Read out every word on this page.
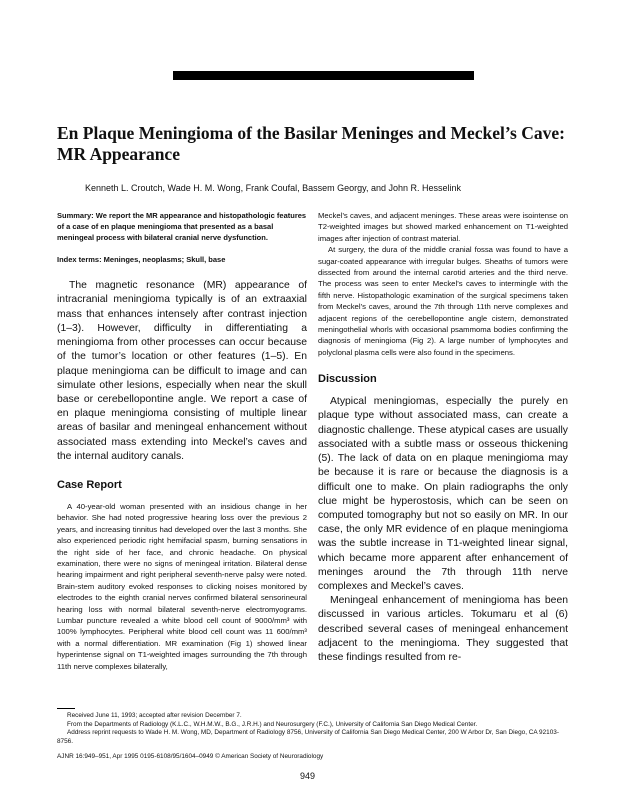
En Plaque Meningioma of the Basilar Meninges and Meckel’s Cave: MR Appearance

Kenneth L. Croutch, Wade H. M. Wong, Frank Coufal, Bassem Georgy, and John R. Hesselink

Summary: We report the MR appearance and histopathologic features of a case of en plaque meningioma that presented as a basal meningeal process with bilateral cranial nerve dysfunction.

Index terms: Meninges, neoplasms; Skull, base

The magnetic resonance (MR) appearance of intracranial meningioma typically is of an extraaxial mass that enhances intensely after contrast injection (1–3). However, difficulty in differentiating a meningioma from other processes can occur because of the tumor’s location or other features (1–5). En plaque meningioma can be difficult to image and can simulate other lesions, especially when near the skull base or cerebellopontine angle. We report a case of en plaque meningioma consisting of multiple linear areas of basilar and meningeal enhancement without associated mass extending into Meckel’s caves and the internal auditory canals.

Case Report

A 40-year-old woman presented with an insidious change in her behavior. She had noted progressive hearing loss over the previous 2 years, and increasing tinnitus had developed over the last 3 months. She also experienced periodic right hemifacial spasm, burning sensations in the right side of her face, and chronic headache. On physical examination, there were no signs of meningeal irritation. Bilateral dense hearing impairment and right peripheral seventh-nerve palsy were noted. Brain-stem auditory evoked responses to clicking noises monitored by electrodes to the eighth cranial nerves confirmed bilateral sensorineural hearing loss with normal bilateral seventh-nerve electromyograms. Lumbar puncture revealed a white blood cell count of 9000/mm³ with 100% lymphocytes. Peripheral white blood cell count was 11 600/mm³ with a normal differentiation. MR examination (Fig 1) showed linear hyperintense signal on T1-weighted images surrounding the 7th through 11th nerve complexes bilaterally,

Meckel’s caves, and adjacent meninges. These areas were isointense on T2-weighted images but showed marked enhancement on T1-weighted images after injection of contrast material.

At surgery, the dura of the middle cranial fossa was found to have a sugar-coated appearance with irregular bulges. Sheaths of tumors were dissected from around the internal carotid arteries and the third nerve. The process was seen to enter Meckel’s caves to intermingle with the fifth nerve. Histopathologic examination of the surgical specimens taken from Meckel’s caves, around the 7th through 11th nerve complexes and adjacent regions of the cerebellopontine angle cistern, demonstrated meningothelial whorls with occasional psammoma bodies confirming the diagnosis of meningioma (Fig 2). A large number of lymphocytes and polyclonal plasma cells were also found in the specimens.

Discussion

Atypical meningiomas, especially the purely en plaque type without associated mass, can create a diagnostic challenge. These atypical cases are usually associated with a subtle mass or osseous thickening (5). The lack of data on en plaque meningioma may be because it is rare or because the diagnosis is a difficult one to make. On plain radiographs the only clue might be hyperostosis, which can be seen on computed tomography but not so easily on MR. In our case, the only MR evidence of en plaque meningioma was the subtle increase in T1-weighted linear signal, which became more apparent after enhancement of meninges around the 7th through 11th nerve complexes and Meckel’s caves.

Meningeal enhancement of meningioma has been discussed in various articles. Tokumaru et al (6) described several cases of meningeal enhancement adjacent to the meningioma. They suggested that these findings resulted from re-

Received June 11, 1993; accepted after revision December 7.

From the Departments of Radiology (K.L.C., W.H.M.W., B.G., J.R.H.) and Neurosurgery (F.C.), University of California San Diego Medical Center.

Address reprint requests to Wade H. M. Wong, MD, Department of Radiology 8756, University of California San Diego Medical Center, 200 W Arbor Dr, San Diego, CA 92103-8756.

AJNR 16:949–951, Apr 1995 0195-6108/95/1604–0949 © American Society of Neuroradiology

949
